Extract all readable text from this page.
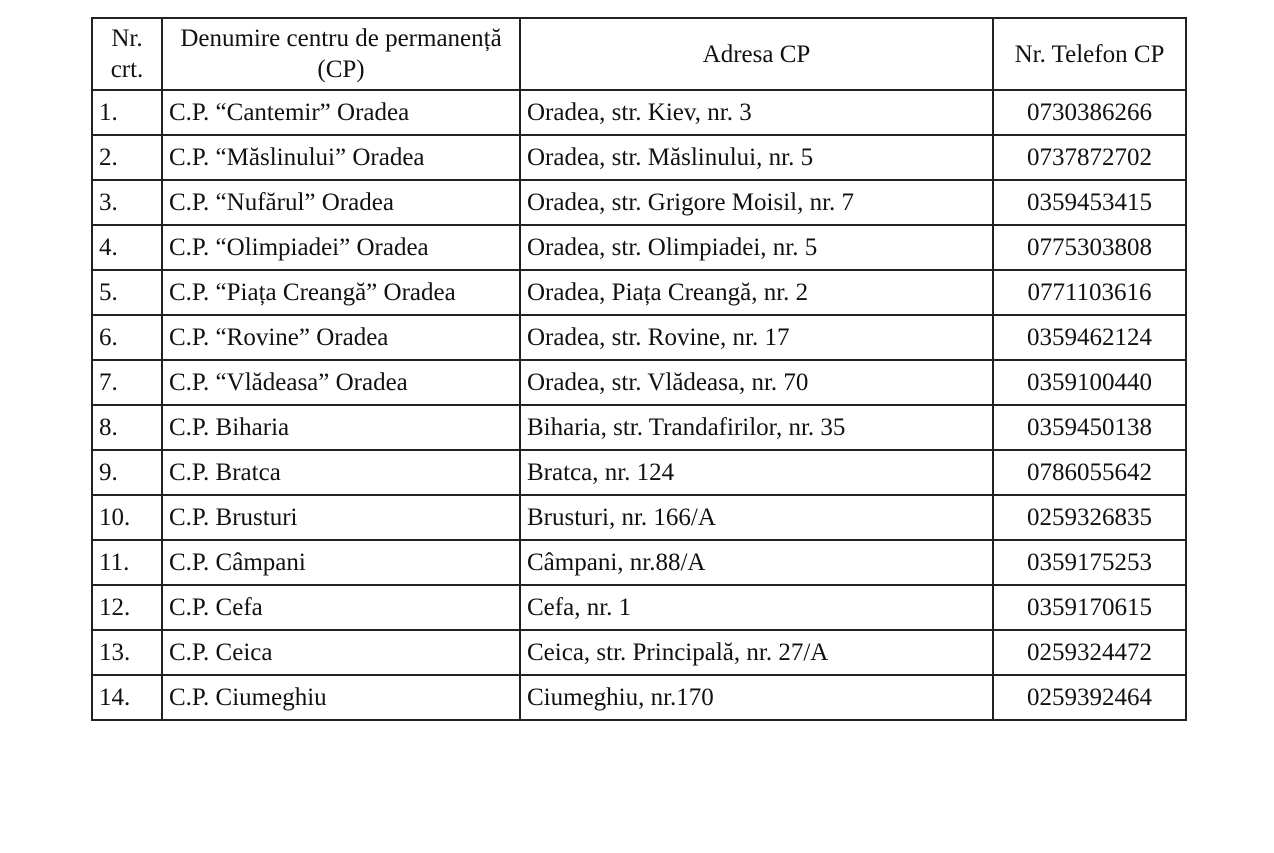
Nr. crt.	Denumire centru de permanență (CP)	Adresa CP	Nr. Telefon CP
1.	C.P. “Cantemir” Oradea	Oradea, str. Kiev, nr. 3	0730386266
2.	C.P. “Măslinului” Oradea	Oradea, str. Măslinului, nr. 5	0737872702
3.	C.P. “Nufărul” Oradea	Oradea, str. Grigore Moisil, nr. 7	0359453415
4.	C.P. “Olimpiadei” Oradea	Oradea, str. Olimpiadei, nr. 5	0775303808
5.	C.P. “Piața Creangă” Oradea	Oradea, Piața Creangă, nr. 2	0771103616
6.	C.P. “Rovine” Oradea	Oradea, str. Rovine, nr. 17	0359462124
7.	C.P. “Vlădeasa” Oradea	Oradea, str. Vlădeasa, nr. 70	0359100440
8.	C.P. Biharia	Biharia, str. Trandafirilor, nr. 35	0359450138
9.	C.P. Bratca	Bratca, nr. 124	0786055642
10.	C.P. Brusturi	Brusturi, nr. 166/A	0259326835
11.	C.P. Câmpani	Câmpani, nr.88/A	0359175253
12.	C.P. Cefa	Cefa, nr. 1	0359170615
13.	C.P. Ceica	Ceica, str. Principală, nr. 27/A	0259324472
14.	C.P. Ciumeghiu	Ciumeghiu, nr.170	0259392464
